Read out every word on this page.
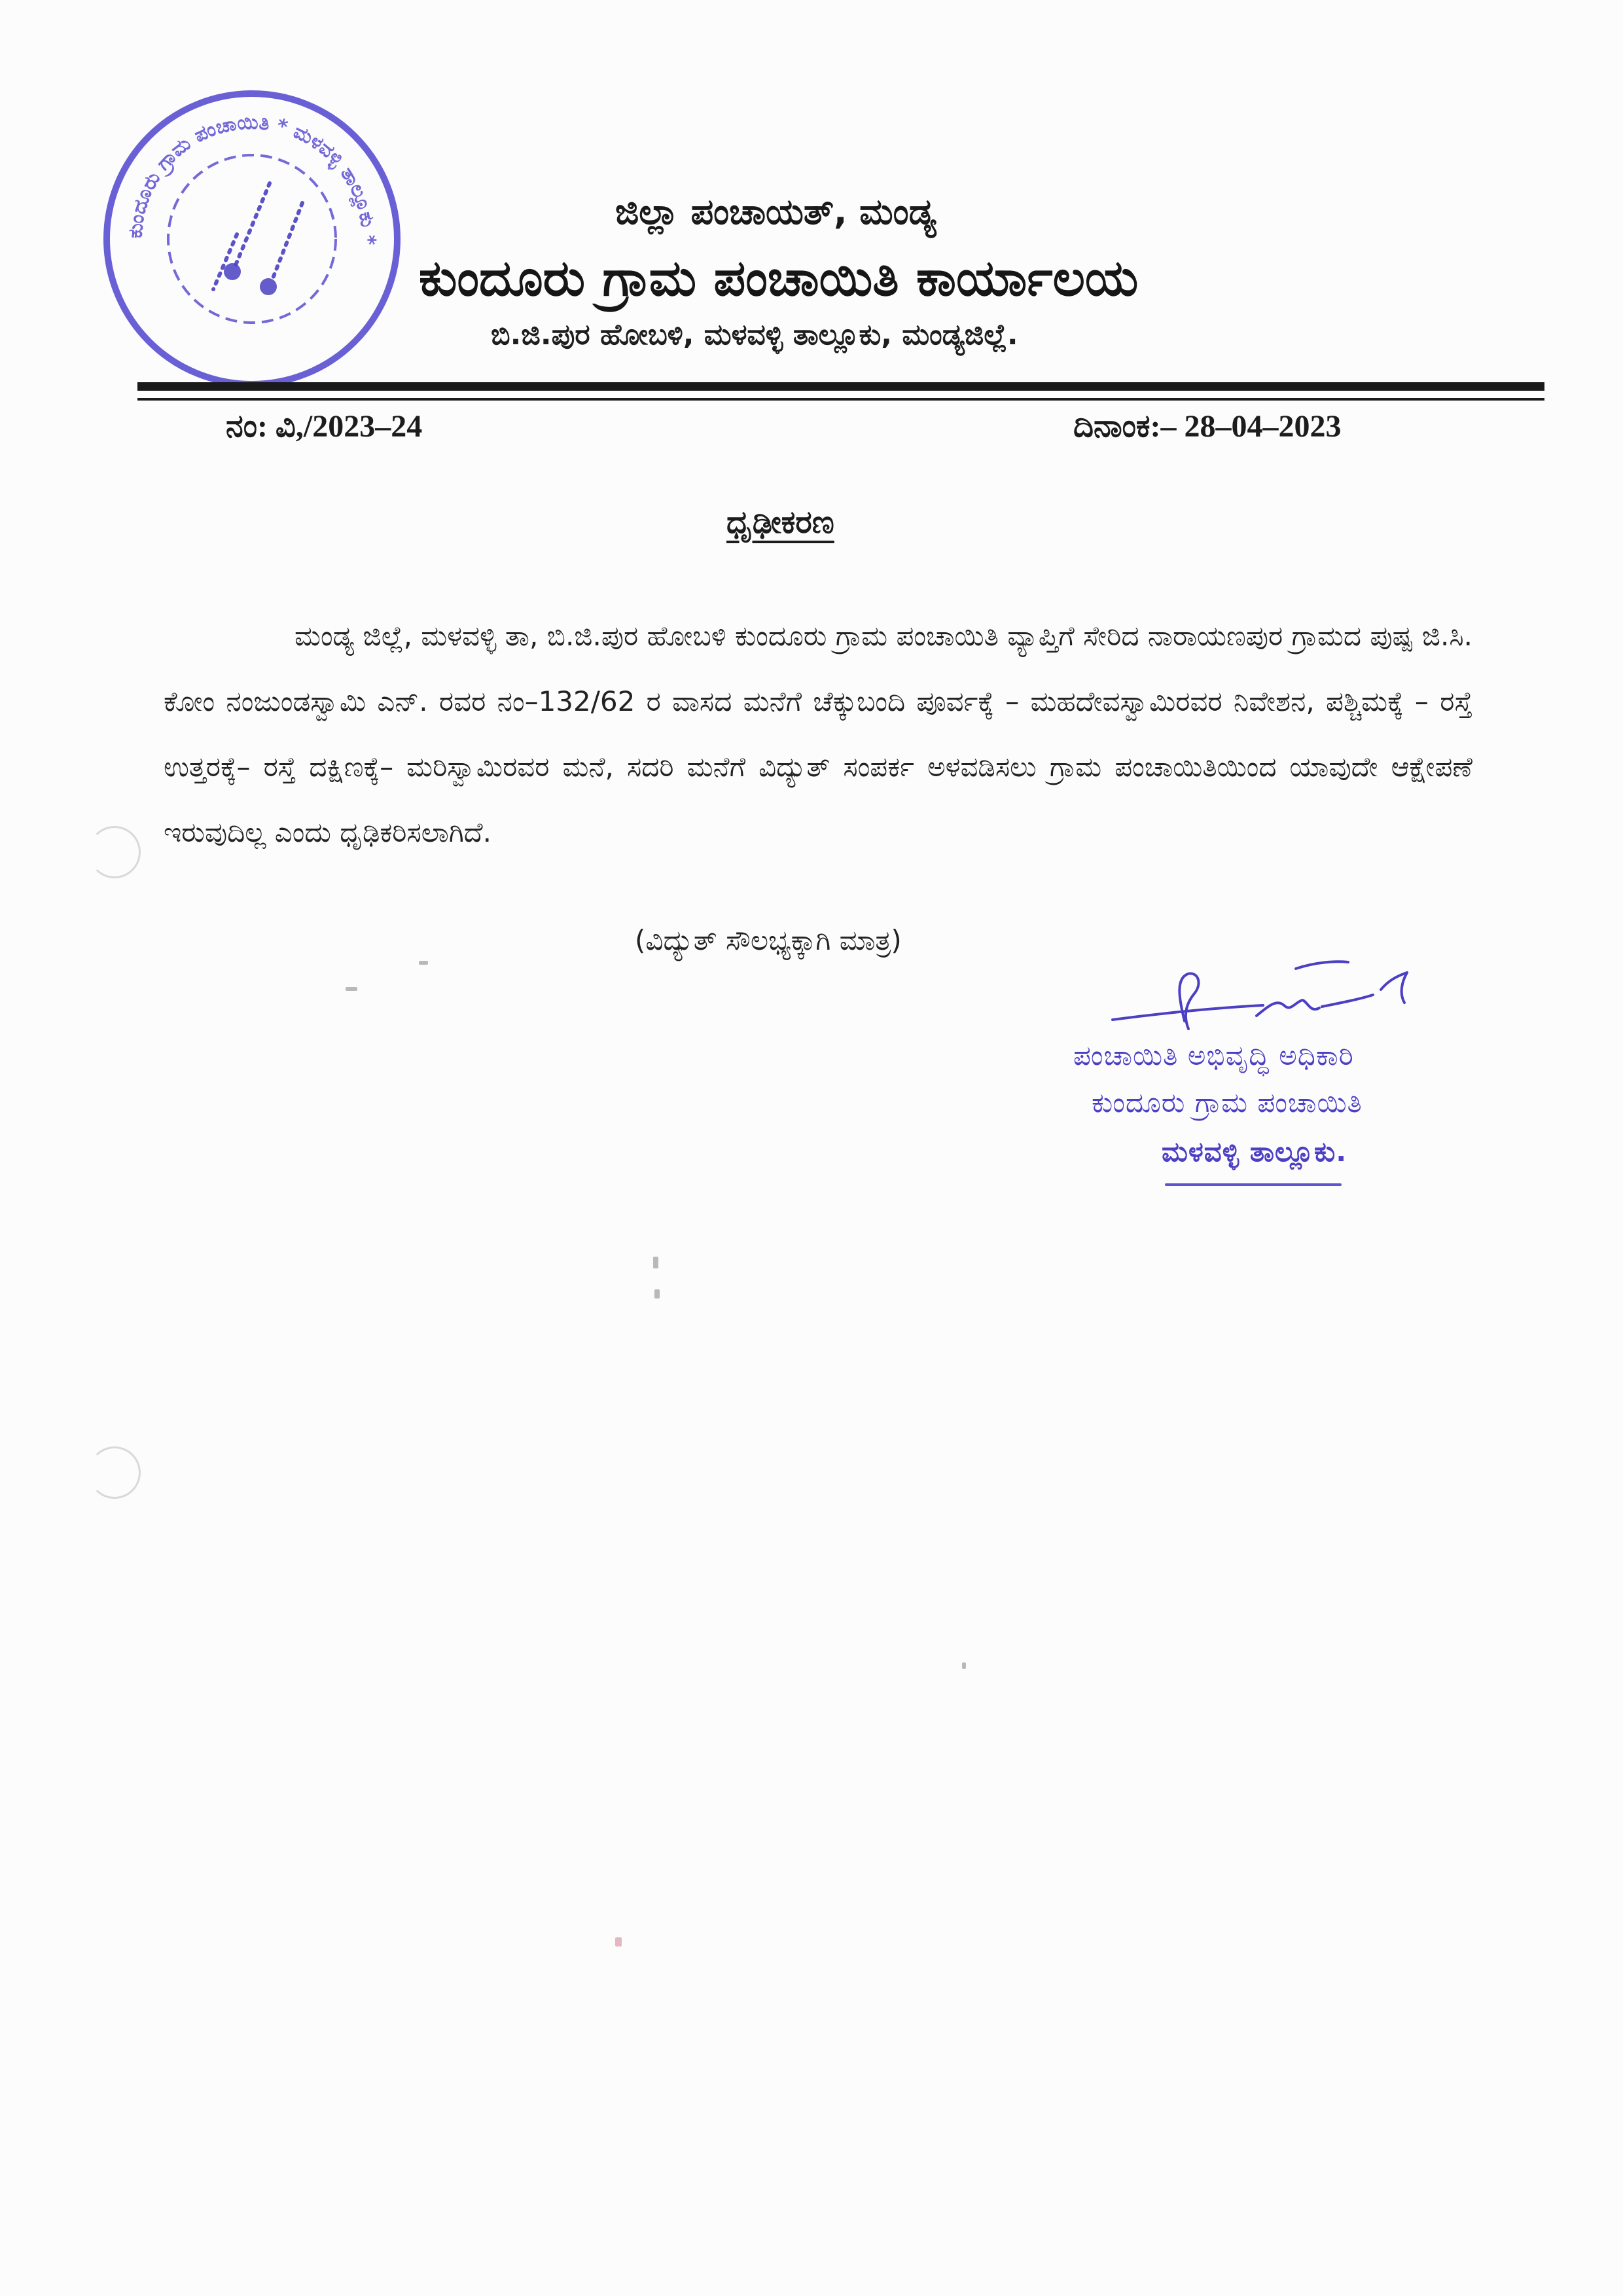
ಕುಂದೂರು ಗ್ರಾಮ ಪಂಚಾಯಿತಿ * ಮಳವಳ್ಳಿ ತಾಲ್ಲೂಕು *
ಜಿಲ್ಲಾ ಪಂಚಾಯತ್, ಮಂಡ್ಯ
ಕುಂದೂರು ಗ್ರಾಮ ಪಂಚಾಯಿತಿ ಕಾರ್ಯಾಲಯ
ಬಿ.ಜಿ.ಪುರ ಹೋಬಳಿ, ಮಳವಳ್ಳಿ ತಾಲ್ಲೂಕು, ಮಂಡ್ಯಜಿಲ್ಲೆ.
ನಂ: ವಿ,/2023–24	ದಿನಾಂಕ:– 28–04–2023
ಧೃಢೀಕರಣ

ಮಂಡ್ಯ ಜಿಲ್ಲೆ, ಮಳವಳ್ಳಿ ತಾ, ಬಿ.ಜಿ.ಪುರ ಹೋಬಳಿ ಕುಂದೂರು ಗ್ರಾಮ ಪಂಚಾಯಿತಿ ವ್ಯಾಪ್ತಿಗೆ ಸೇರಿದ ನಾರಾಯಣಪುರ ಗ್ರಾಮದ ಪುಷ್ಪ ಜಿ.ಸಿ. ಕೋಂ ನಂಜುಂಡಸ್ವಾಮಿ ಎನ್. ರವರ ನಂ–132/62 ರ ವಾಸದ ಮನೆಗೆ ಚೆಕ್ಕುಬಂದಿ ಪೂರ್ವಕ್ಕೆ – ಮಹದೇವಸ್ವಾಮಿರವರ ನಿವೇಶನ, ಪಶ್ಚಿಮಕ್ಕೆ – ರಸ್ತೆ ಉತ್ತರಕ್ಕೆ– ರಸ್ತೆ ದಕ್ಷಿಣಕ್ಕೆ– ಮರಿಸ್ವಾಮಿರವರ ಮನೆ, ಸದರಿ ಮನೆಗೆ ವಿದ್ಯುತ್ ಸಂಪರ್ಕ ಅಳವಡಿಸಲು ಗ್ರಾಮ ಪಂಚಾಯಿತಿಯಿಂದ ಯಾವುದೇ ಆಕ್ಷೇಪಣೆ ಇರುವುದಿಲ್ಲ ಎಂದು ಧೃಢಿಕರಿಸಲಾಗಿದೆ.

(ವಿದ್ಯುತ್ ಸೌಲಭ್ಯಕ್ಕಾಗಿ ಮಾತ್ರ)
ಪಂಚಾಯಿತಿ ಅಭಿವೃದ್ಧಿ ಅಧಿಕಾರಿ
ಕುಂದೂರು ಗ್ರಾಮ ಪಂಚಾಯಿತಿ
ಮಳವಳ್ಳಿ ತಾಲ್ಲೂಕು.
